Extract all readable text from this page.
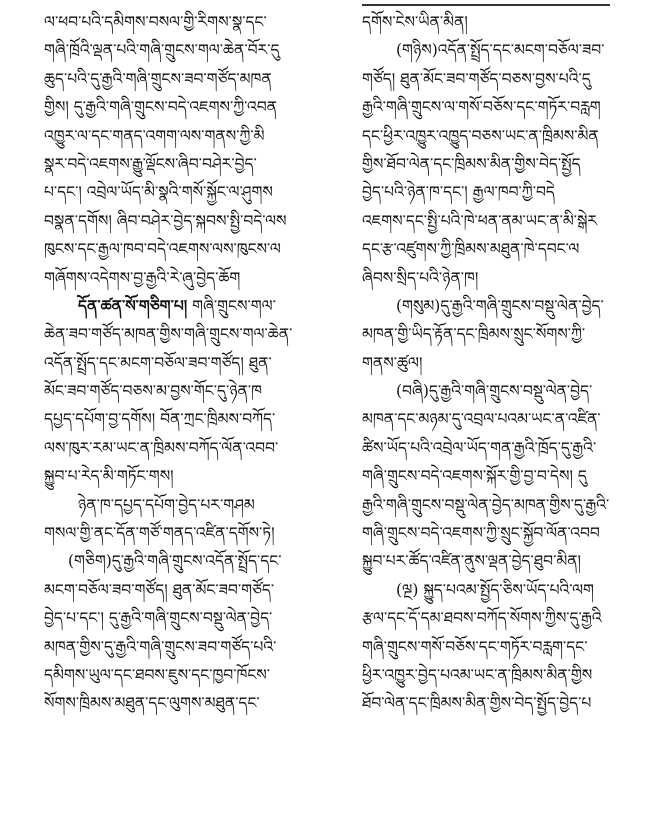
ལ་ཕབ་པའི་དམིགས་བསལ་གྱི་རིགས་སྣ་དང་
གཞི་ཁྲོའི་ལྡན་པའི་གཞི་གྲུངས་གལ་ཆེན་བོར་དུ
ཆུད་པའི་དུ་རྒྱའི་གཞི་གྲུངས་ཟབ་གཙོད་མཁན
གྱིས། དུ་རྒྱའི་གཞི་གྲུངས་བདེ་འཇགས་ཀྱི་འབན
འཁྱུར་ལ་དང་གནད་འགག་ལས་གནས་ཀྱི་མི
སྣར་བདེ་འཇགས་རྒྱུ་ལྡོངས་ཞིབ་བཤེར་བྱེད་
པ་དང་། འབྲེལ་ཡོད་མི་སྣའི་གསོ་སྐྱོང་ལ་ཤུགས
བསྣན་དགོས། ཞིབ་བཤེར་བྱེད་སྐབས་སྤྱི་བདེ་ལས
ཁུངས་དང་རྒྱལ་ཁབ་བདེ་འཇགས་ལས་ཁུངས་ལ
གཞོགས་འདེགས་བྱ་རྒྱའི་རེ་ཞུ་བྱེད་ཆོག
དོན་ཚན་སོ་གཅིག་པ། གཞི་གྲུངས་གལ་
ཆེན་ཟབ་གཙོད་མཁན་གྱིས་གཞི་གྲུངས་གལ་ཆེན་
འདོན་སྤྲོད་དང་མངག་བཅོལ་ཟབ་གཙོད། ཐུན་
མོང་ཟབ་གཙོད་བཅས་མ་བྱས་གོང་དུ་ཉེན་ཁ
དཔྱད་དཔོག་བྱ་དགོས། བོན་ཀྲང་ཁྲིམས་བཀོད་
ལས་ཁུར་རམ་ཡང་ན་ཁྲིམས་བཀོད་ལོན་འབབ་
སྐྱུབ་པ་རེད་མི་གཏོང་གས།
ཉེན་ཁ་དཔྱད་དཔོག་བྱེད་པར་གཤམ
གསལ་གྱི་ནང་དོན་གཙོ་གནད་འཛིན་དགོས་ཏེ།
(གཅིག)དུ་རྒྱའི་གཞི་གྲུངས་འདོན་སྤྲོད་དང་
མངག་བཅོལ་ཟབ་གཙོད། ཐུན་མོང་ཟབ་གཙོད་
བྱེད་པ་དང་། དུ་རྒྱའི་གཞི་གྲུངས་བསྡུ་ལེན་བྱེད་
མཁན་གྱིས་དུ་རྒྱའི་གཞི་གྲུངས་ཟབ་གཙོད་པའི་
དམིགས་ཡུལ་དང་ཐབས་ཇུས་དང་ཁྱབ་ཁོངས་
སོགས་ཁྲིམས་མཐུན་དང་ལུགས་མཐུན་དང་
དགོས་ངེས་ཡིན་མིན།
(གཉིས)འདོན་སྤྲོད་དང་མངག་བཅོལ་ཟབ་
གཙོད། ཐུན་མོང་ཟབ་གཙོད་བཅས་བྱས་པའི་དུ
རྒྱའི་གཞི་གྲུངས་ལ་གསོ་བཅོས་དང་གཏོར་བརླག
དང་ཕྱིར་འཁྱུར་འཁྱུད་བཅས་ཡང་ན་ཁྲིམས་མིན
གྱིས་ཐོབ་ལེན་དང་ཁྲིམས་མིན་གྱིས་བེད་སྤྱོད
བྱེད་པའི་ཉེན་ཁ་དང་། རྒྱལ་ཁབ་ཀྱི་བདེ
འཇགས་དང་སྤྱི་པའི་ཁེ་ཕན་ནམ་ཡང་ན་མི་སྒེར
དང་རྩ་འཛུགས་ཀྱི་ཁྲིམས་མཐུན་ཁེ་དབང་ལ
ཞིབས་སྲིད་པའི་ཉེན་ཁ།
(གསུམ)དུ་རྒྱའི་གཞི་གྲུངས་བསྡུ་ལེན་བྱེད་
མཁན་གྱི་ཡིད་རྟོན་དང་ཁྲིམས་སྲུང་སོགས་ཀྱི་
གནས་ཚུལ།
(བཞི)དུ་རྒྱའི་གཞི་གྲུངས་བསྡུ་ལེན་བྱེད་
མཁན་དང་མཉམ་དུ་འབྲལ་པའམ་ཡང་ན་འཛིན་
ཚིས་ཡོད་པའི་འབྲེལ་ཡོད་གན་རྒྱའི་ཁྲོད་དུ་རྒྱའི་
གཞི་གྲུངས་བདེ་འཇགས་སྐོར་གྱི་བྱ་བ་དེས། དུ
རྒྱའི་གཞི་གྲུངས་བསྡུ་ལེན་བྱེད་མཁན་གྱིས་དུ་རྒྱའི་
གཞི་གྲུངས་བདེ་འཇགས་ཀྱི་སྲུང་སྐྱོབ་ལོན་འབབ
སྐྱུབ་པར་ཚོད་འཛིན་ནུས་ལྡན་བྱེད་ཐུབ་མིན།
(ལྔ) སྐྱུད་པའམ་སྤྱོད་ཅིས་ཡོད་པའི་ལག
རྩལ་དང་དོ་དམ་ཐབས་བཀོད་སོགས་ཀྱིས་དུ་རྒྱའི
གཞི་གྲུངས་གསོ་བཅོས་དང་གཏོར་བརླག་དང་
ཕྱིར་འཁྱུར་བྱེད་པའམ་ཡང་ན་ཁྲིམས་མིན་གྱིས
ཐོབ་ལེན་དང་ཁྲིམས་མིན་གྱིས་བེད་སྤྱོད་བྱེད་པ
